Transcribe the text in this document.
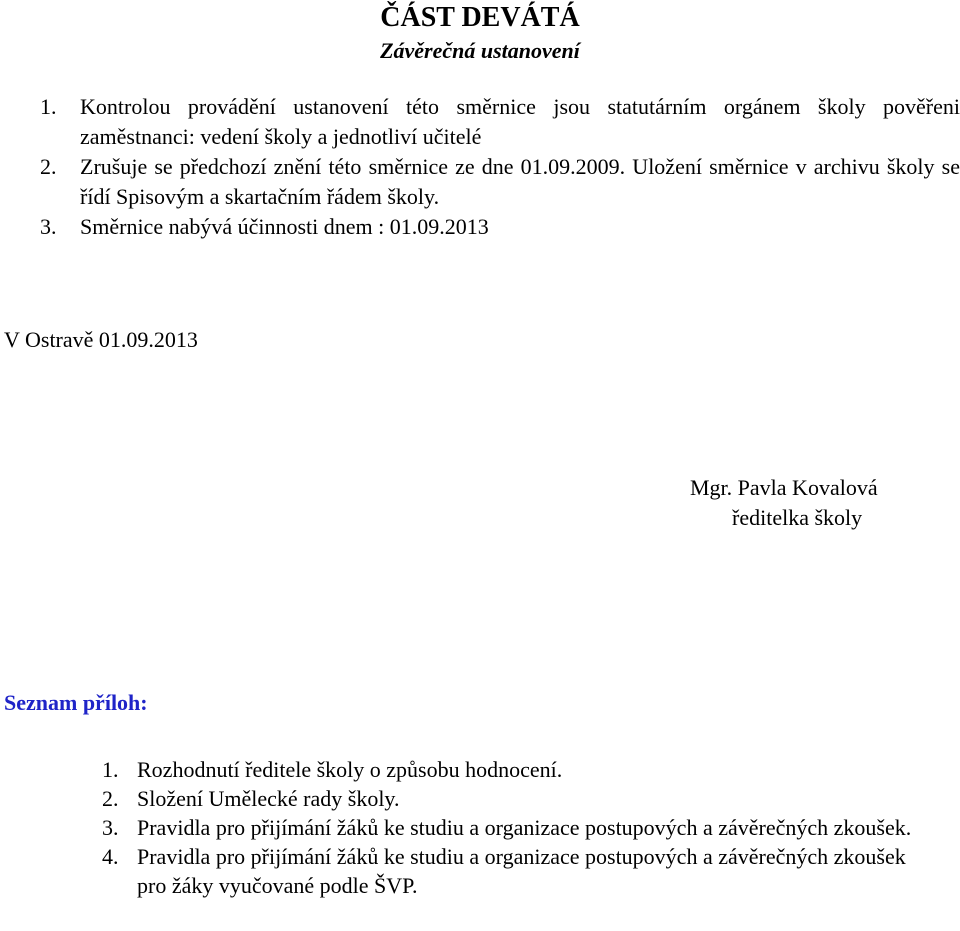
ČÁST DEVÁTÁ
Závěrečná ustanovení
1. Kontrolou provádění ustanovení této směrnice jsou statutárním orgánem školy pověřeni zaměstnanci: vedení školy a jednotliví učitelé
2. Zrušuje se předchozí znění této směrnice ze dne 01.09.2009. Uložení směrnice v archivu školy se řídí Spisovým a skartačním řádem školy.
3. Směrnice nabývá účinnosti dnem : 01.09.2013
V Ostravě 01.09.2013
Mgr. Pavla Kovalová
ředitelka školy
Seznam příloh:
1. Rozhodnutí ředitele školy o způsobu hodnocení.
2. Složení Umělecké rady školy.
3. Pravidla pro přijímání žáků ke studiu a organizace postupových a závěrečných zkoušek.
4. Pravidla pro přijímání žáků ke studiu a organizace postupových a závěrečných zkoušek pro žáky vyučované podle ŠVP.
